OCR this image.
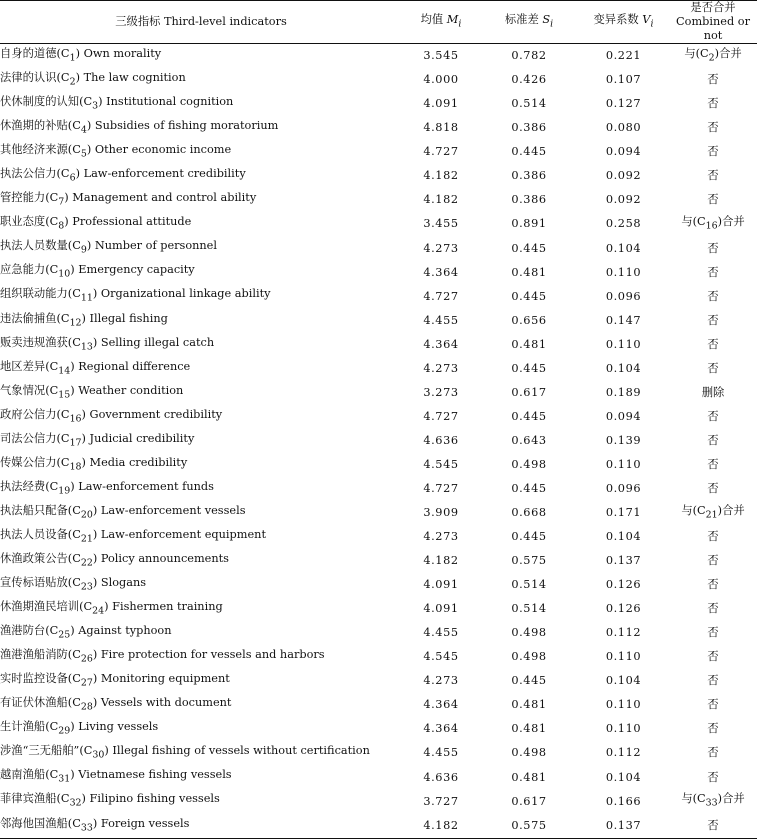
三级指标 Third-level indicators	均值 $M_i$	标准差 $S_i$	变异系数 $V_i$	是否合并
Combined or not

自身的道德$(C_1)$ Own morality	3.545	0.782	0.221	与$(C_2)$合并
法律的认识$(C_2)$ The law cognition	4.000	0.426	0.107	否
伏休制度的认知$(C_3)$ Institutional cognition	4.091	0.514	0.127	否
休渔期的补贴$(C_4)$ Subsidies of fishing moratorium	4.818	0.386	0.080	否
其他经济来源$(C_5)$ Other economic income	4.727	0.445	0.094	否
执法公信力$(C_6)$ Law-enforcement credibility	4.182	0.386	0.092	否
管控能力$(C_7)$ Management and control ability	4.182	0.386	0.092	否
职业态度$(C_8)$ Professional attitude	3.455	0.891	0.258	与$(C_{16})$合并
执法人员数量$(C_9)$ Number of personnel	4.273	0.445	0.104	否
应急能力$(C_{10})$ Emergency capacity	4.364	0.481	0.110	否
组织联动能力$(C_{11})$ Organizational linkage ability	4.727	0.445	0.096	否
违法偷捕鱼$(C_{12})$ Illegal fishing	4.455	0.656	0.147	否
贩卖违规渔获$(C_{13})$ Selling illegal catch	4.364	0.481	0.110	否
地区差异$(C_{14})$ Regional difference	4.273	0.445	0.104	否
气象情况$(C_{15})$ Weather condition	3.273	0.617	0.189	删除
政府公信力$(C_{16})$ Government credibility	4.727	0.445	0.094	否
司法公信力$(C_{17})$ Judicial credibility	4.636	0.643	0.139	否
传媒公信力$(C_{18})$ Media credibility	4.545	0.498	0.110	否
执法经费$(C_{19})$ Law-enforcement funds	4.727	0.445	0.096	否
执法船只配备$(C_{20})$ Law-enforcement vessels	3.909	0.668	0.171	与$(C_{21})$合并
执法人员设备$(C_{21})$ Law-enforcement equipment	4.273	0.445	0.104	否
休渔政策公告$(C_{22})$ Policy announcements	4.182	0.575	0.137	否
宣传标语贴放$(C_{23})$ Slogans	4.091	0.514	0.126	否
休渔期渔民培训$(C_{24})$ Fishermen training	4.091	0.514	0.126	否
渔港防台$(C_{25})$ Against typhoon	4.455	0.498	0.112	否
渔港渔船消防$(C_{26})$ Fire protection for vessels and harbors	4.545	0.498	0.110	否
实时监控设备$(C_{27})$ Monitoring equipment	4.273	0.445	0.104	否
有证伏休渔船$(C_{28})$ Vessels with document	4.364	0.481	0.110	否
生计渔船$(C_{29})$ Living vessels	4.364	0.481	0.110	否
涉渔“三无船舶$”(C_{30})$ Illegal fishing of vessels without certification	4.455	0.498	0.112	否
越南渔船$(C_{31})$ Vietnamese fishing vessels	4.636	0.481	0.104	否
菲律宾渔船$(C_{32})$ Filipino fishing vessels	3.727	0.617	0.166	与$(C_{33})$合并
邻海他国渔船$(C_{33})$ Foreign vessels	4.182	0.575	0.137	否
